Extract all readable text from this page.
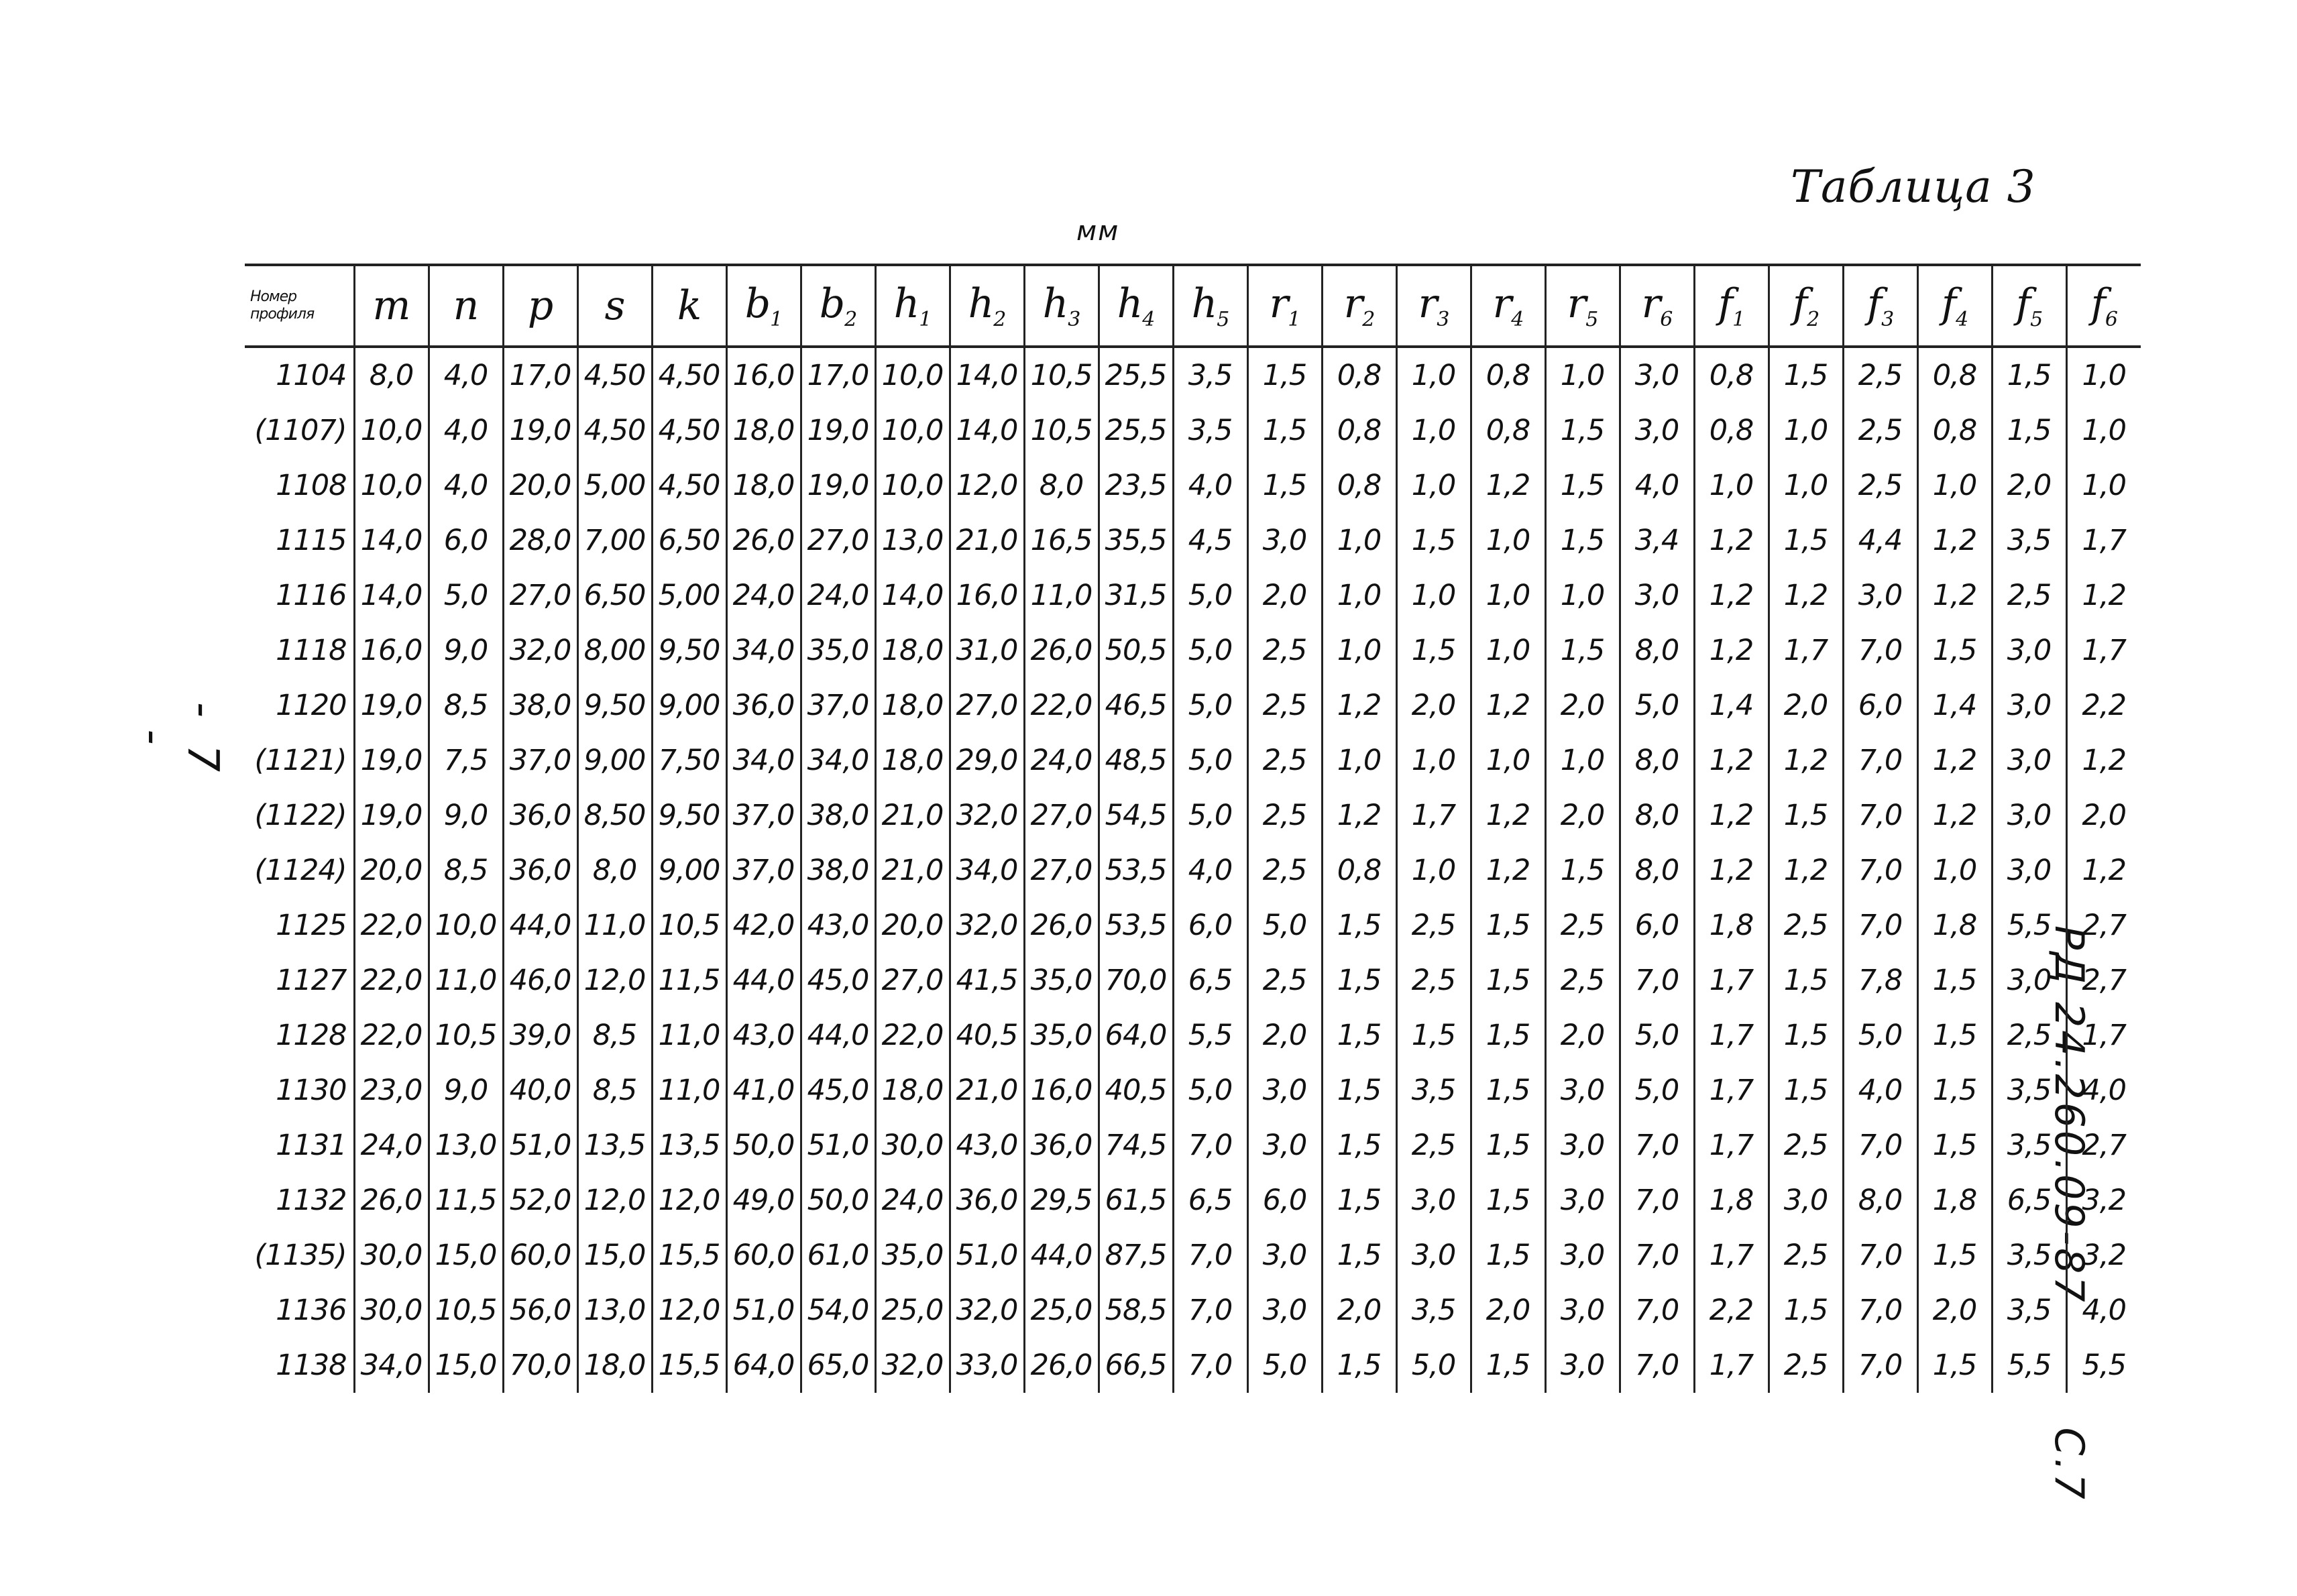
Таблица 3
мм
- 7 -
РД 24.260.09-87 С.7
Номер
профиля	m	n	p	s	k	$b_1$	$b_2$	$h_1$	$h_2$	$h_3$	$h_4$	$h_5$	$r_1$	$r_2$	$r_3$	$r_4$	$r_5$	$r_6$	$f_1$	$f_2$	$f_3$	$f_4$	$f_5$	$f_6$
1104	8,0	4,0	17,0	4,50	4,50	16,0	17,0	10,0	14,0	10,5	25,5	3,5	1,5	0,8	1,0	0,8	1,0	3,0	0,8	1,5	2,5	0,8	1,5	1,0
(1107)	10,0	4,0	19,0	4,50	4,50	18,0	19,0	10,0	14,0	10,5	25,5	3,5	1,5	0,8	1,0	0,8	1,5	3,0	0,8	1,0	2,5	0,8	1,5	1,0
1108	10,0	4,0	20,0	5,00	4,50	18,0	19,0	10,0	12,0	8,0	23,5	4,0	1,5	0,8	1,0	1,2	1,5	4,0	1,0	1,0	2,5	1,0	2,0	1,0
1115	14,0	6,0	28,0	7,00	6,50	26,0	27,0	13,0	21,0	16,5	35,5	4,5	3,0	1,0	1,5	1,0	1,5	3,4	1,2	1,5	4,4	1,2	3,5	1,7
1116	14,0	5,0	27,0	6,50	5,00	24,0	24,0	14,0	16,0	11,0	31,5	5,0	2,0	1,0	1,0	1,0	1,0	3,0	1,2	1,2	3,0	1,2	2,5	1,2
1118	16,0	9,0	32,0	8,00	9,50	34,0	35,0	18,0	31,0	26,0	50,5	5,0	2,5	1,0	1,5	1,0	1,5	8,0	1,2	1,7	7,0	1,5	3,0	1,7
1120	19,0	8,5	38,0	9,50	9,00	36,0	37,0	18,0	27,0	22,0	46,5	5,0	2,5	1,2	2,0	1,2	2,0	5,0	1,4	2,0	6,0	1,4	3,0	2,2
(1121)	19,0	7,5	37,0	9,00	7,50	34,0	34,0	18,0	29,0	24,0	48,5	5,0	2,5	1,0	1,0	1,0	1,0	8,0	1,2	1,2	7,0	1,2	3,0	1,2
(1122)	19,0	9,0	36,0	8,50	9,50	37,0	38,0	21,0	32,0	27,0	54,5	5,0	2,5	1,2	1,7	1,2	2,0	8,0	1,2	1,5	7,0	1,2	3,0	2,0
(1124)	20,0	8,5	36,0	8,0	9,00	37,0	38,0	21,0	34,0	27,0	53,5	4,0	2,5	0,8	1,0	1,2	1,5	8,0	1,2	1,2	7,0	1,0	3,0	1,2
1125	22,0	10,0	44,0	11,0	10,5	42,0	43,0	20,0	32,0	26,0	53,5	6,0	5,0	1,5	2,5	1,5	2,5	6,0	1,8	2,5	7,0	1,8	5,5	2,7
1127	22,0	11,0	46,0	12,0	11,5	44,0	45,0	27,0	41,5	35,0	70,0	6,5	2,5	1,5	2,5	1,5	2,5	7,0	1,7	1,5	7,8	1,5	3,0	2,7
1128	22,0	10,5	39,0	8,5	11,0	43,0	44,0	22,0	40,5	35,0	64,0	5,5	2,0	1,5	1,5	1,5	2,0	5,0	1,7	1,5	5,0	1,5	2,5	1,7
1130	23,0	9,0	40,0	8,5	11,0	41,0	45,0	18,0	21,0	16,0	40,5	5,0	3,0	1,5	3,5	1,5	3,0	5,0	1,7	1,5	4,0	1,5	3,5	4,0
1131	24,0	13,0	51,0	13,5	13,5	50,0	51,0	30,0	43,0	36,0	74,5	7,0	3,0	1,5	2,5	1,5	3,0	7,0	1,7	2,5	7,0	1,5	3,5	2,7
1132	26,0	11,5	52,0	12,0	12,0	49,0	50,0	24,0	36,0	29,5	61,5	6,5	6,0	1,5	3,0	1,5	3,0	7,0	1,8	3,0	8,0	1,8	6,5	3,2
(1135)	30,0	15,0	60,0	15,0	15,5	60,0	61,0	35,0	51,0	44,0	87,5	7,0	3,0	1,5	3,0	1,5	3,0	7,0	1,7	2,5	7,0	1,5	3,5	3,2
1136	30,0	10,5	56,0	13,0	12,0	51,0	54,0	25,0	32,0	25,0	58,5	7,0	3,0	2,0	3,5	2,0	3,0	7,0	2,2	1,5	7,0	2,0	3,5	4,0
1138	34,0	15,0	70,0	18,0	15,5	64,0	65,0	32,0	33,0	26,0	66,5	7,0	5,0	1,5	5,0	1,5	3,0	7,0	1,7	2,5	7,0	1,5	5,5	5,5
